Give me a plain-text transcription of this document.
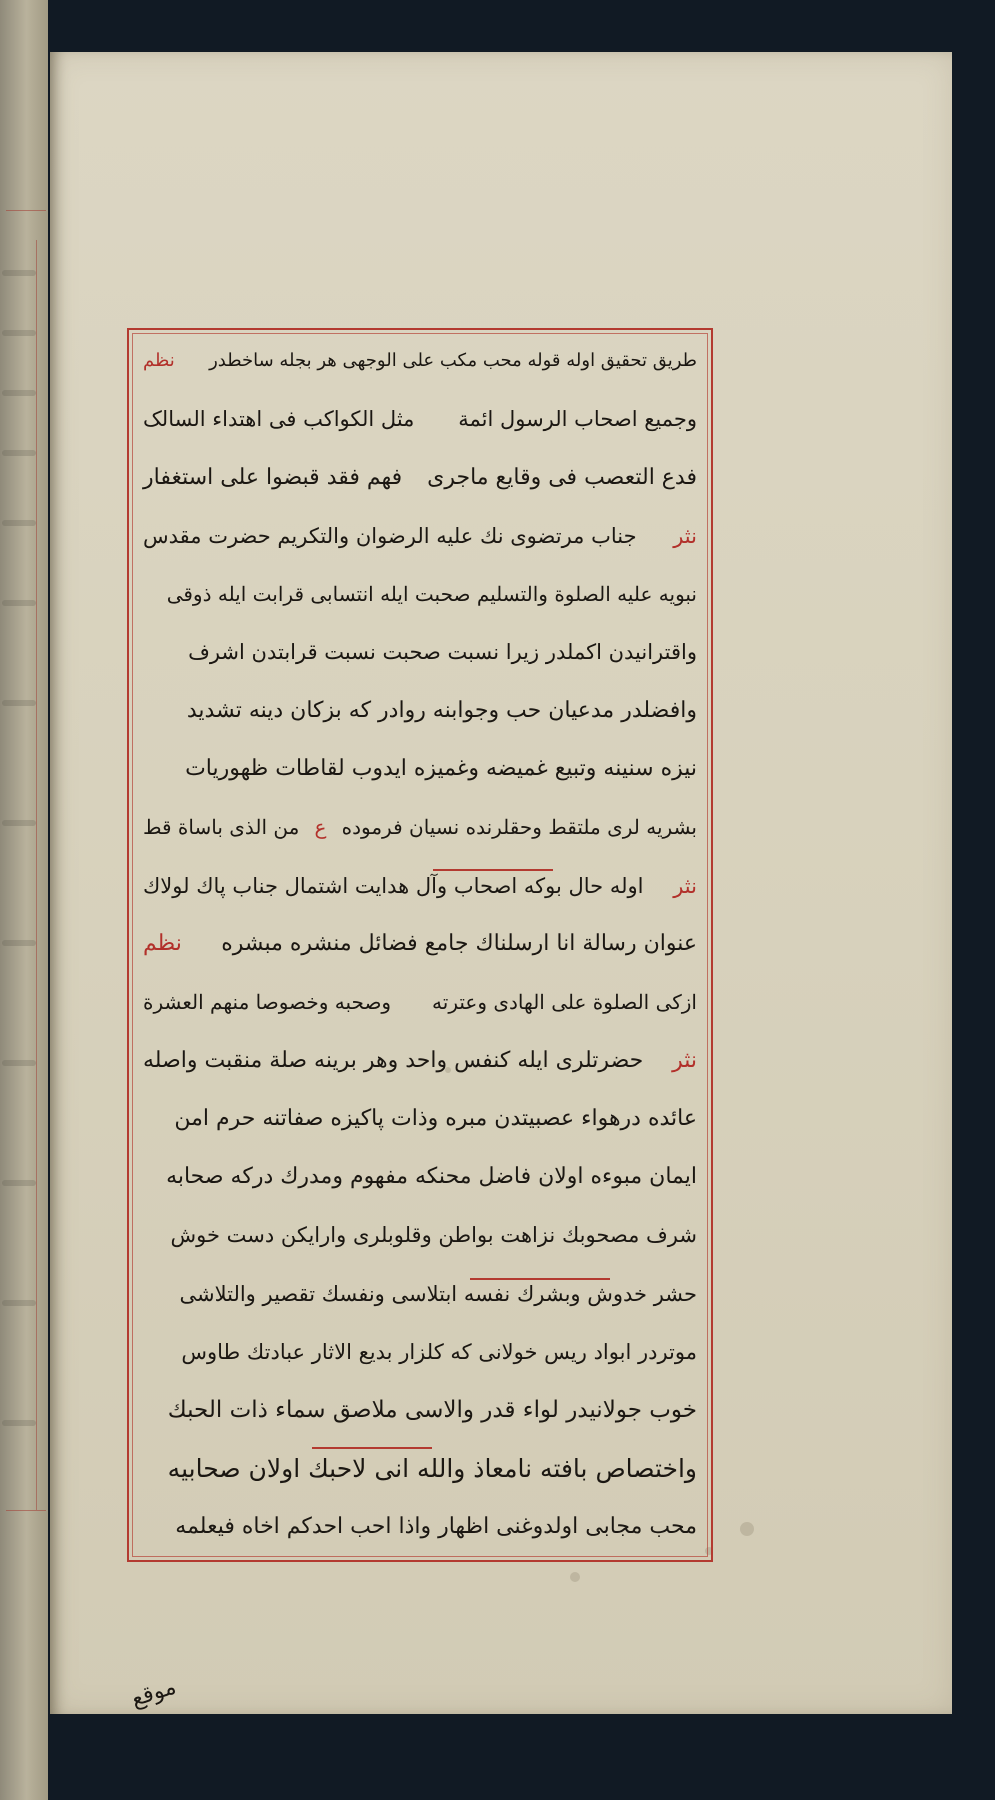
طریق تحقیق اوله قوله محب مکب علی الوجهی هر بجله ساخطدر
نظم
وجمیع اصحاب الرسول ائمة
مثل الکواکب فی اهتداء السالک
فدع التعصب فی وقایع ماجری
فهم فقد قبضوا علی استغفار
نثر
جناب مرتضوی نك علیه الرضوان والتکریم حضرت مقدس
نبویه علیه الصلوة والتسلیم صحبت ایله انتسابی قرابت ایله ذوقی
واقترانیدن اکملدر زیرا نسبت صحبت نسبت قرابتدن اشرف
وافضلدر مدعیان حب وجوابنه روادر که بزکان دینه تشدید
نیزه سنینه وتبیع غمیضه وغمیزه ایدوب لقاطات ظهوریات
بشریه لری ملتقط وحقلرنده نسیان فرموده
ع
من الذی باساة قط
نثر
اوله حال بوکه اصحاب وآل هدایت اشتمال جناب پاك لولاك
عنوان رسالة انا ارسلناك جامع فضائل منشره مبشره
نظم
ازکی الصلوة علی الهادی وعترته
وصحبه وخصوصا منهم العشرة
نثر
حضرتلری ایله کنفس واحد وهر برینه صلة منقبت واصله
عائده درهواء عصبیتدن مبره وذات پاکیزه صفاتنه حرم امن
ایمان مبوءه اولان فاضل محنکه مفهوم ومدرك درکه صحابه
شرف مصحوبك نزاهت بواطن وقلوبلری وارایکن دست خوش
حشر خدوش وبشرك نفسه ابتلاسی ونفسك تقصیر والتلاشی
موتردر ابواد ریس خولانی که کلزار بدیع الاثار عبادتك طاوس
خوب جولانیدر لواء قدر والاسی ملاصق سماء ذات الحبك
واختصاص بافته نامعاذ والله انی لاحبك اولان صحابیه
محب مجابی اولدوغنی اظهار واذا احب احدکم اخاه فیعلمه
موقع
